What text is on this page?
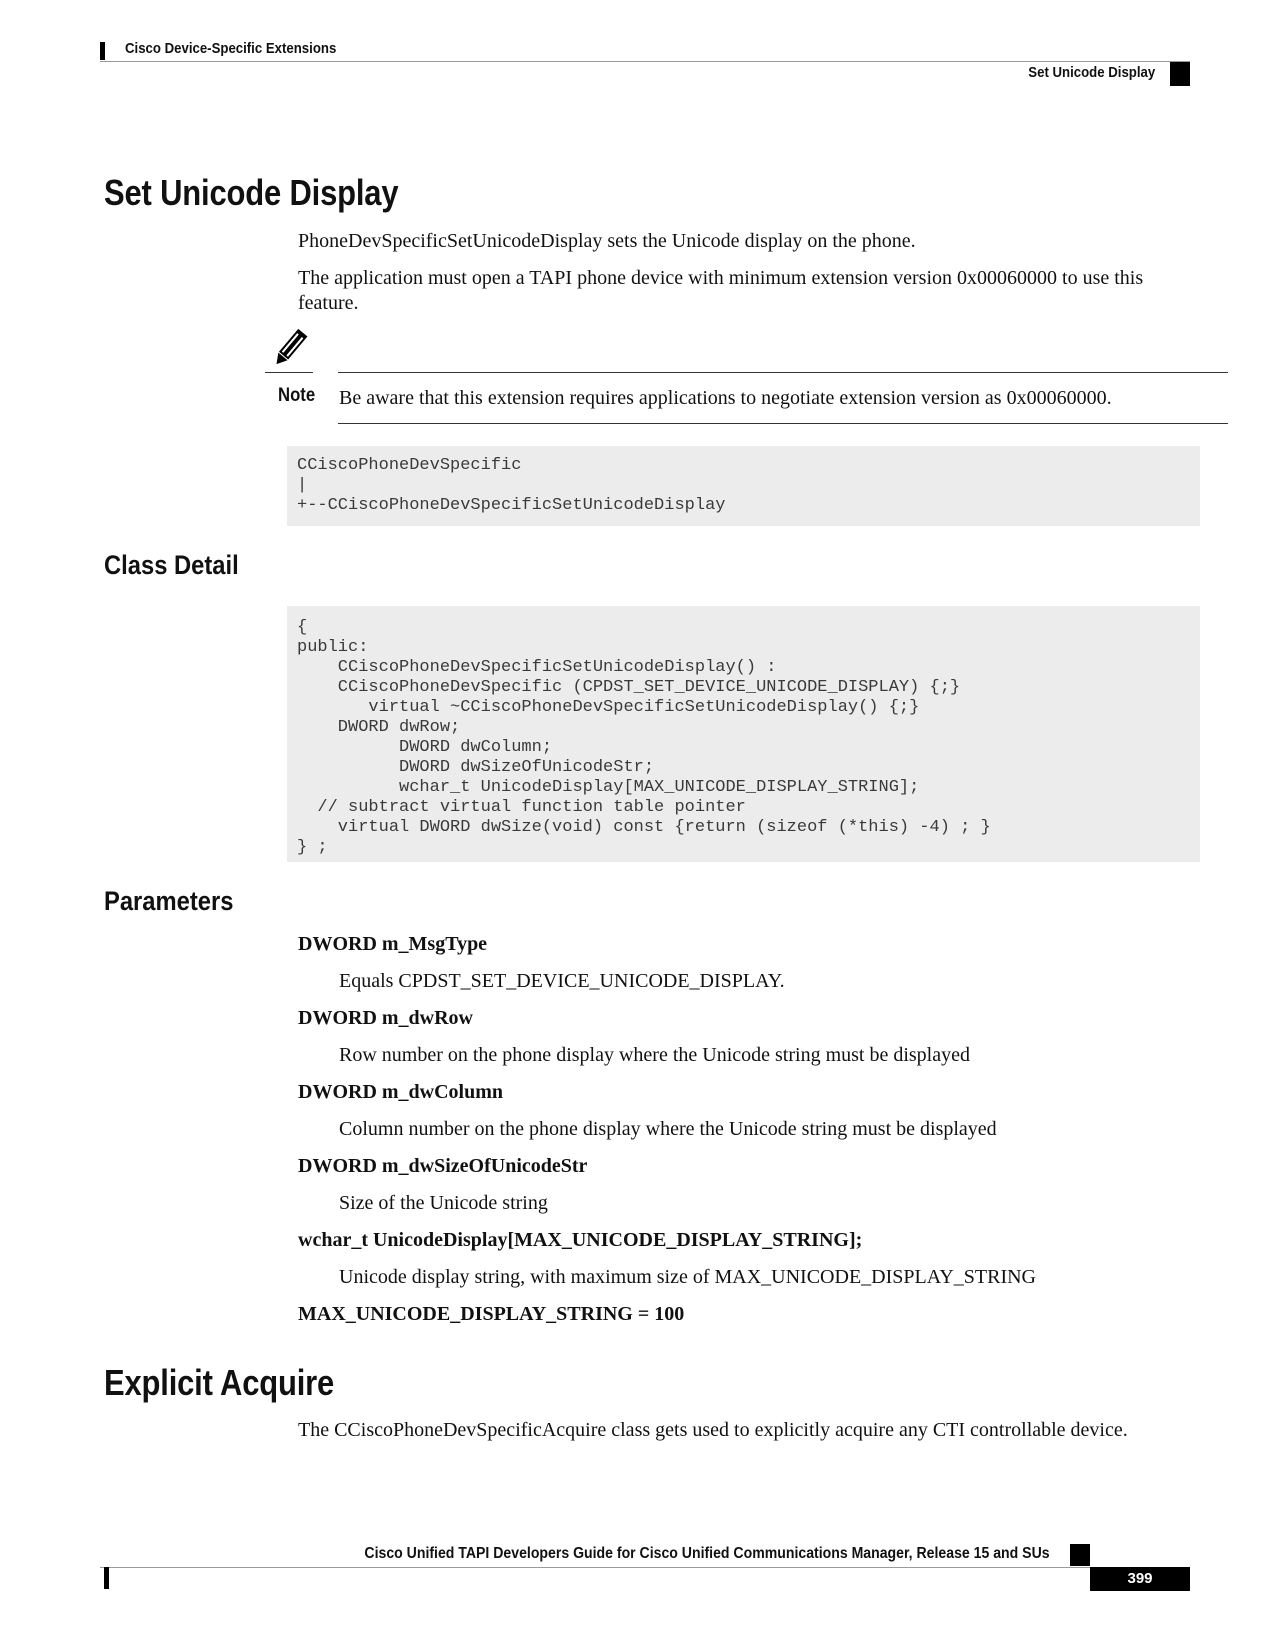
Cisco Device-Specific Extensions
Set Unicode Display
Set Unicode Display
PhoneDevSpecificSetUnicodeDisplay sets the Unicode display on the phone.
The application must open a TAPI phone device with minimum extension version 0x00060000 to use this
feature.
Note Be aware that this extension requires applications to negotiate extension version as 0x00060000.
CCiscoPhoneDevSpecific
|
+--CCiscoPhoneDevSpecificSetUnicodeDisplay
Class Detail
{
public:
CCiscoPhoneDevSpecificSetUnicodeDisplay() :
CCiscoPhoneDevSpecific (CPDST_SET_DEVICE_UNICODE_DISPLAY) {;}
virtual ~CCiscoPhoneDevSpecificSetUnicodeDisplay() {;}
DWORD dwRow;
DWORD dwColumn;
DWORD dwSizeOfUnicodeStr;
wchar_t UnicodeDisplay[MAX_UNICODE_DISPLAY_STRING];
// subtract virtual function table pointer
virtual DWORD dwSize(void) const {return (sizeof (*this) -4) ; }
} ;
Parameters
DWORD m_MsgType
Equals CPDST_SET_DEVICE_UNICODE_DISPLAY.
DWORD m_dwRow
Row number on the phone display where the Unicode string must be displayed
DWORD m_dwColumn
Column number on the phone display where the Unicode string must be displayed
DWORD m_dwSizeOfUnicodeStr
Size of the Unicode string
wchar_t UnicodeDisplay[MAX_UNICODE_DISPLAY_STRING];
Unicode display string, with maximum size of MAX_UNICODE_DISPLAY_STRING
MAX_UNICODE_DISPLAY_STRING = 100
Explicit Acquire
The CCiscoPhoneDevSpecificAcquire class gets used to explicitly acquire any CTI controllable device.
Cisco Unified TAPI Developers Guide for Cisco Unified Communications Manager, Release 15 and SUs
399
